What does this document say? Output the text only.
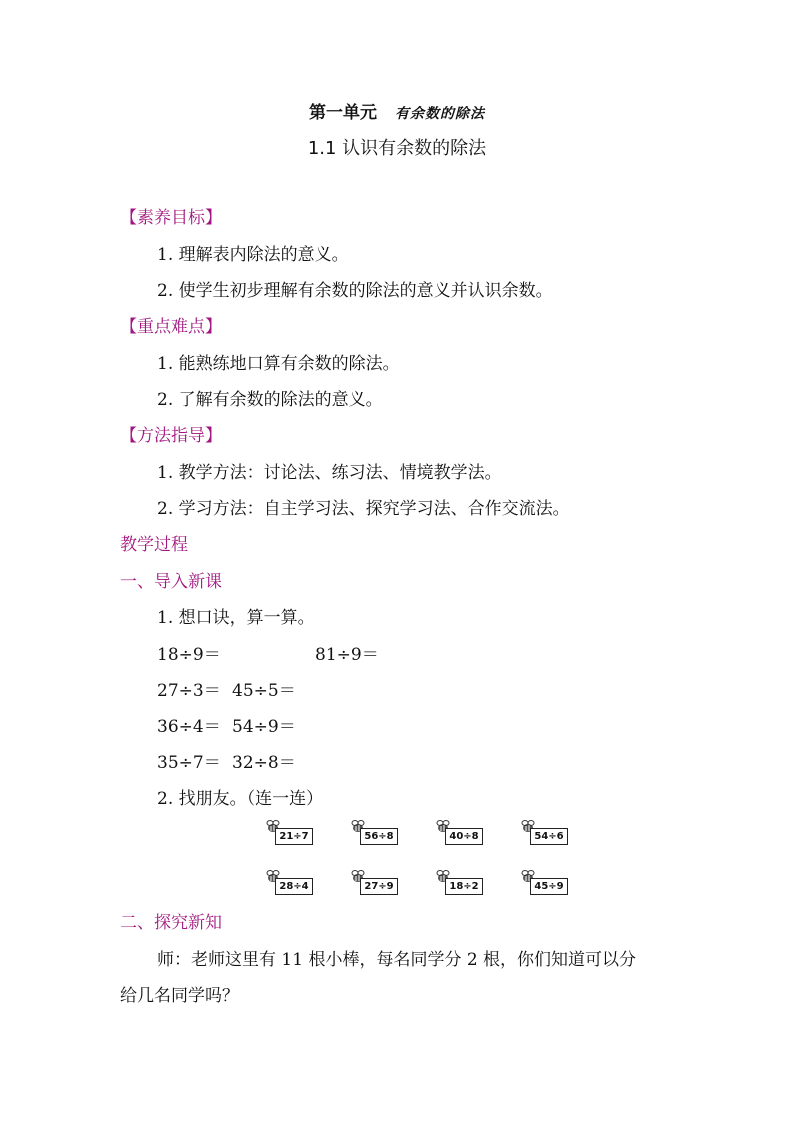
第一单元 有余数的除法
1.1 认识有余数的除法
【素养目标】
1. 理解表内除法的意义。
2. 使学生初步理解有余数的除法的意义并认识余数。
【重点难点】
1. 能熟练地口算有余数的除法。
2. 了解有余数的除法的意义。
【方法指导】
1. 教学方法：讨论法、练习法、情境教学法。
2. 学习方法：自主学习法、探究学习法、合作交流法。
教学过程
一、导入新课
1. 想口诀，算一算。
18÷9＝	81÷9＝
27÷3＝ 45÷5＝
36÷4＝ 54÷9＝
35÷7＝ 32÷8＝
2. 找朋友。（连一连）
21÷7	56÷8	40÷8	54÷6
28÷4	27÷9	18÷2	45÷9
二、探究新知
师：老师这里有 11 根小棒，每名同学分 2 根，你们知道可以分
给几名同学吗？
